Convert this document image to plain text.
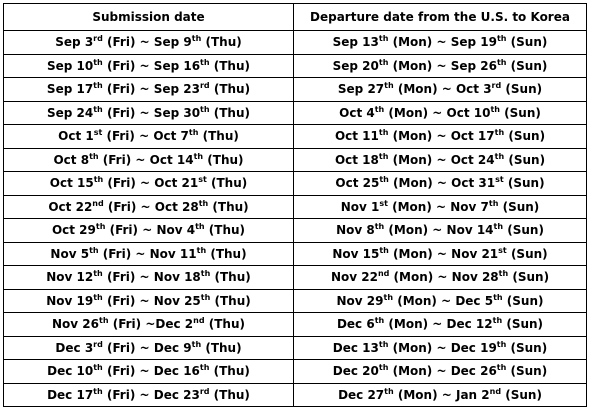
Submission date	Departure date from the U.S. to Korea
Sep 3rd (Fri) ~ Sep 9th (Thu)	Sep 13th (Mon) ~ Sep 19th (Sun)
Sep 10th (Fri) ~ Sep 16th (Thu)	Sep 20th (Mon) ~ Sep 26th (Sun)
Sep 17th (Fri) ~ Sep 23rd (Thu)	Sep 27th (Mon) ~ Oct 3rd (Sun)
Sep 24th (Fri) ~ Sep 30th (Thu)	Oct 4th (Mon) ~ Oct 10th (Sun)
Oct 1st (Fri) ~ Oct 7th (Thu)	Oct 11th (Mon) ~ Oct 17th (Sun)
Oct 8th (Fri) ~ Oct 14th (Thu)	Oct 18th (Mon) ~ Oct 24th (Sun)
Oct 15th (Fri) ~ Oct 21st (Thu)	Oct 25th (Mon) ~ Oct 31st (Sun)
Oct 22nd (Fri) ~ Oct 28th (Thu)	Nov 1st (Mon) ~ Nov 7th (Sun)
Oct 29th (Fri) ~ Nov 4th (Thu)	Nov 8th (Mon) ~ Nov 14th (Sun)
Nov 5th (Fri) ~ Nov 11th (Thu)	Nov 15th (Mon) ~ Nov 21st (Sun)
Nov 12th (Fri) ~ Nov 18th (Thu)	Nov 22nd (Mon) ~ Nov 28th (Sun)
Nov 19th (Fri) ~ Nov 25th (Thu)	Nov 29th (Mon) ~ Dec 5th (Sun)
Nov 26th (Fri) ~Dec 2nd (Thu)	Dec 6th (Mon) ~ Dec 12th (Sun)
Dec 3rd (Fri) ~ Dec 9th (Thu)	Dec 13th (Mon) ~ Dec 19th (Sun)
Dec 10th (Fri) ~ Dec 16th (Thu)	Dec 20th (Mon) ~ Dec 26th (Sun)
Dec 17th (Fri) ~ Dec 23rd (Thu)	Dec 27th (Mon) ~ Jan 2nd (Sun)
